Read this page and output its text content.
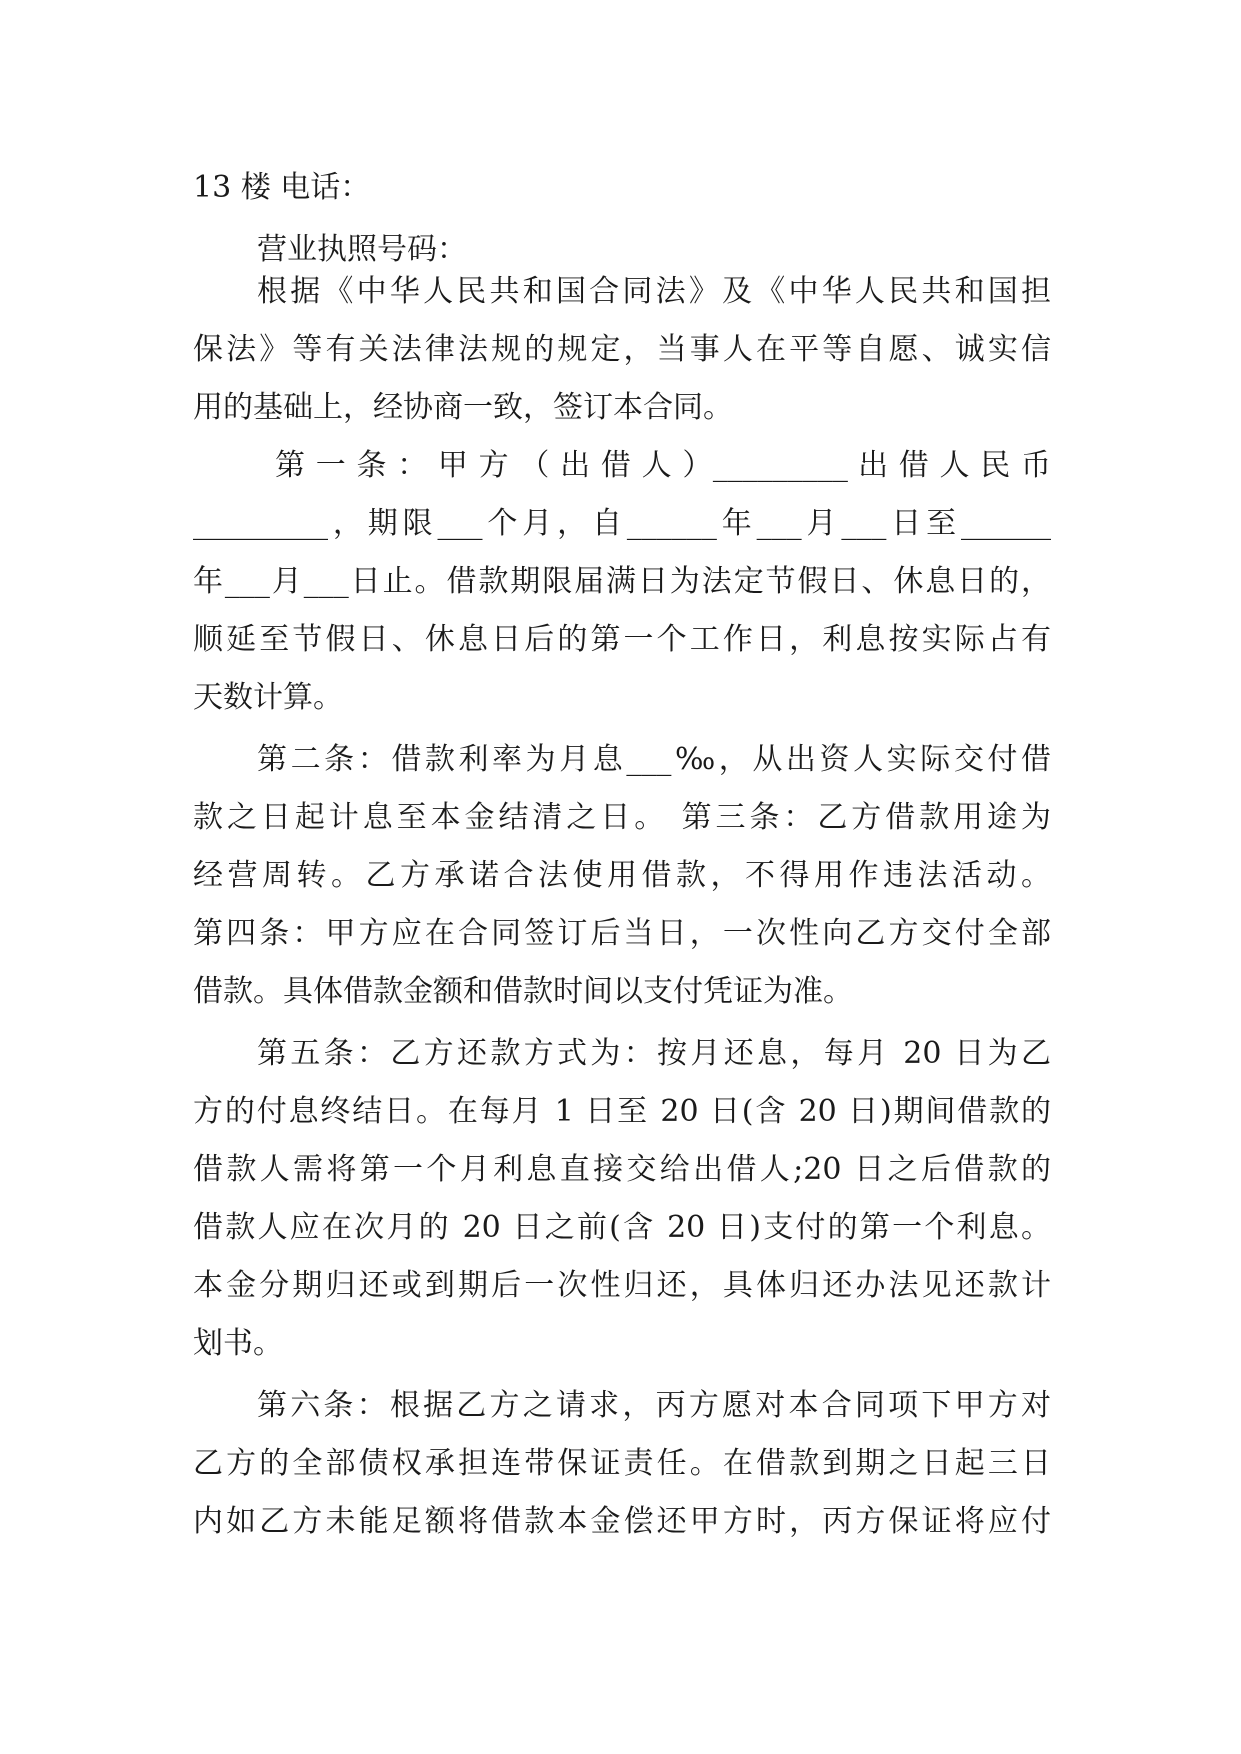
13 楼 电话：
营业执照号码：
根据《中华人民共和国合同法》及《中华人民共和国担
保法》等有关法律法规的规定，当事人在平等自愿、诚实信
用的基础上，经协商一致，签订本合同。
第 一 条 ： 甲 方 （ 出 借 人 ）_________ 出 借 人 民 币
_________，期限___个月，自______年___月___日至______
年___月___日止。借款期限届满日为法定节假日、休息日的，
顺延至节假日、休息日后的第一个工作日，利息按实际占有
天数计算。
第二条：借款利率为月息___‰，从出资人实际交付借
款之日起计息至本金结清之日。 第三条：乙方借款用途为
经营周转。乙方承诺合法使用借款，不得用作违法活动。
第四条：甲方应在合同签订后当日，一次性向乙方交付全部
借款。具体借款金额和借款时间以支付凭证为准。
第五条：乙方还款方式为：按月还息，每月 20 日为乙
方的付息终结日。在每月 1 日至 20 日(含 20 日)期间借款的
借款人需将第一个月利息直接交给出借人;20 日之后借款的
借款人应在次月的 20 日之前(含 20 日)支付的第一个利息。
本金分期归还或到期后一次性归还，具体归还办法见还款计
划书。
第六条：根据乙方之请求，丙方愿对本合同项下甲方对
乙方的全部债权承担连带保证责任。在借款到期之日起三日
内如乙方未能足额将借款本金偿还甲方时，丙方保证将应付
